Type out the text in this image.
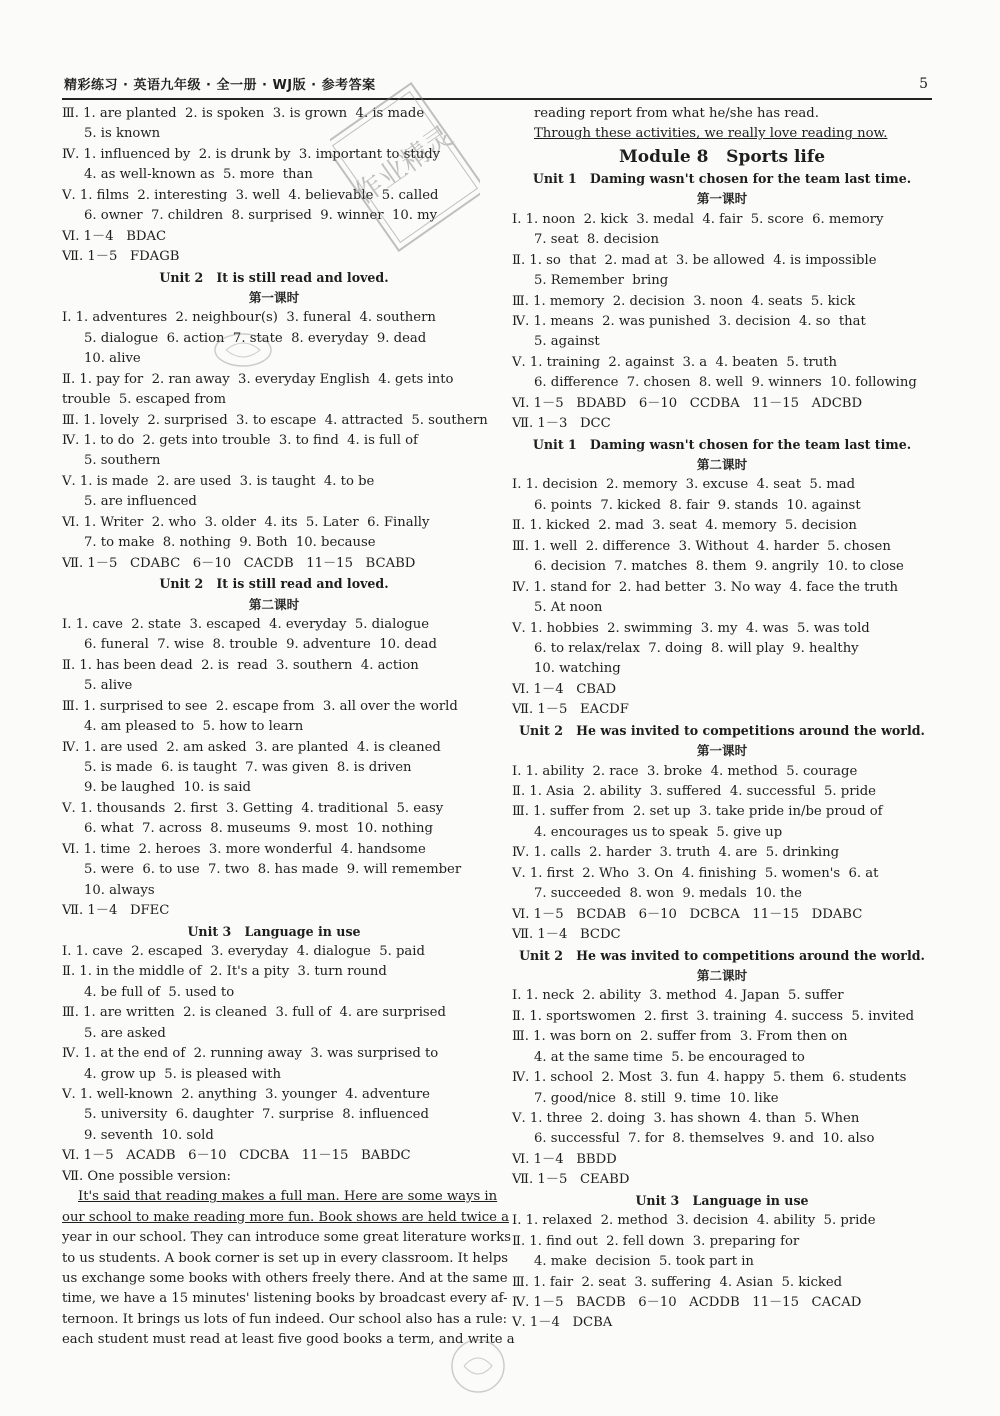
精彩练习 · 英语九年级 · 全一册 · WJ版 · 参考答案	5
Ⅲ. 1. are planted  2. is spoken  3. is grown  4. is made
5. is known
Ⅳ. 1. influenced by  2. is drunk by  3. important to study
4. as well-known as  5. more  than
Ⅴ. 1. films  2. interesting  3. well  4. believable  5. called
6. owner  7. children  8. surprised  9. winner  10. my
Ⅵ. 1－4   BDAC
Ⅶ. 1－5   FDAGB
Unit 2   It is still read and loved.
第一课时
Ⅰ. 1. adventures  2. neighbour(s)  3. funeral  4. southern
5. dialogue  6. action  7. state  8. everyday  9. dead
10. alive
Ⅱ. 1. pay for  2. ran away  3. everyday English  4. gets into
trouble  5. escaped from
Ⅲ. 1. lovely  2. surprised  3. to escape  4. attracted  5. southern
Ⅳ. 1. to do  2. gets into trouble  3. to find  4. is full of
5. southern
Ⅴ. 1. is made  2. are used  3. is taught  4. to be
5. are influenced
Ⅵ. 1. Writer  2. who  3. older  4. its  5. Later  6. Finally
7. to make  8. nothing  9. Both  10. because
Ⅶ. 1－5   CDABC   6－10   CACDB   11－15   BCABD
Unit 2   It is still read and loved.
第二课时
Ⅰ. 1. cave  2. state  3. escaped  4. everyday  5. dialogue
6. funeral  7. wise  8. trouble  9. adventure  10. dead
Ⅱ. 1. has been dead  2. is  read  3. southern  4. action
5. alive
Ⅲ. 1. surprised to see  2. escape from  3. all over the world
4. am pleased to  5. how to learn
Ⅳ. 1. are used  2. am asked  3. are planted  4. is cleaned
5. is made  6. is taught  7. was given  8. is driven
9. be laughed  10. is said
Ⅴ. 1. thousands  2. first  3. Getting  4. traditional  5. easy
6. what  7. across  8. museums  9. most  10. nothing
Ⅵ. 1. time  2. heroes  3. more wonderful  4. handsome
5. were  6. to use  7. two  8. has made  9. will remember
10. always
Ⅶ. 1－4   DFEC
Unit 3   Language in use
Ⅰ. 1. cave  2. escaped  3. everyday  4. dialogue  5. paid
Ⅱ. 1. in the middle of  2. It's a pity  3. turn round
4. be full of  5. used to
Ⅲ. 1. are written  2. is cleaned  3. full of  4. are surprised
5. are asked
Ⅳ. 1. at the end of  2. running away  3. was surprised to
4. grow up  5. is pleased with
Ⅴ. 1. well-known  2. anything  3. younger  4. adventure
5. university  6. daughter  7. surprise  8. influenced
9. seventh  10. sold
Ⅵ. 1－5   ACADB   6－10   CDCBA   11－15   BABDC
Ⅶ. One possible version:
It's said that reading makes a full man. Here are some ways in
our school to make reading more fun. Book shows are held twice a
year in our school. They can introduce some great literature works
to us students. A book corner is set up in every classroom. It helps
us exchange some books with others freely there. And at the same
time, we have a 15 minutes' listening books by broadcast every af-
ternoon. It brings us lots of fun indeed. Our school also has a rule:
each student must read at least five good books a term, and write a
reading report from what he/she has read.
Through these activities, we really love reading now.
Module 8   Sports life
Unit 1   Daming wasn't chosen for the team last time.
第一课时
Ⅰ. 1. noon  2. kick  3. medal  4. fair  5. score  6. memory
7. seat  8. decision
Ⅱ. 1. so  that  2. mad at  3. be allowed  4. is impossible
5. Remember  bring
Ⅲ. 1. memory  2. decision  3. noon  4. seats  5. kick
Ⅳ. 1. means  2. was punished  3. decision  4. so  that
5. against
Ⅴ. 1. training  2. against  3. a  4. beaten  5. truth
6. difference  7. chosen  8. well  9. winners  10. following
Ⅵ. 1－5   BDABD   6－10   CCDBA   11－15   ADCBD
Ⅶ. 1－3   DCC
Unit 1   Daming wasn't chosen for the team last time.
第二课时
Ⅰ. 1. decision  2. memory  3. excuse  4. seat  5. mad
6. points  7. kicked  8. fair  9. stands  10. against
Ⅱ. 1. kicked  2. mad  3. seat  4. memory  5. decision
Ⅲ. 1. well  2. difference  3. Without  4. harder  5. chosen
6. decision  7. matches  8. them  9. angrily  10. to close
Ⅳ. 1. stand for  2. had better  3. No way  4. face the truth
5. At noon
Ⅴ. 1. hobbies  2. swimming  3. my  4. was  5. was told
6. to relax/relax  7. doing  8. will play  9. healthy
10. watching
Ⅵ. 1－4   CBAD
Ⅶ. 1－5   EACDF
Unit 2   He was invited to competitions around the world.
第一课时
Ⅰ. 1. ability  2. race  3. broke  4. method  5. courage
Ⅱ. 1. Asia  2. ability  3. suffered  4. successful  5. pride
Ⅲ. 1. suffer from  2. set up  3. take pride in/be proud of
4. encourages us to speak  5. give up
Ⅳ. 1. calls  2. harder  3. truth  4. are  5. drinking
Ⅴ. 1. first  2. Who  3. On  4. finishing  5. women's  6. at
7. succeeded  8. won  9. medals  10. the
Ⅵ. 1－5   BCDAB   6－10   DCBCA   11－15   DDABC
Ⅶ. 1－4   BCDC
Unit 2   He was invited to competitions around the world.
第二课时
Ⅰ. 1. neck  2. ability  3. method  4. Japan  5. suffer
Ⅱ. 1. sportswomen  2. first  3. training  4. success  5. invited
Ⅲ. 1. was born on  2. suffer from  3. From then on
4. at the same time  5. be encouraged to
Ⅳ. 1. school  2. Most  3. fun  4. happy  5. them  6. students
7. good/nice  8. still  9. time  10. like
Ⅴ. 1. three  2. doing  3. has shown  4. than  5. When
6. successful  7. for  8. themselves  9. and  10. also
Ⅵ. 1－4   BBDD
Ⅶ. 1－5   CEABD
Unit 3   Language in use
Ⅰ. 1. relaxed  2. method  3. decision  4. ability  5. pride
Ⅱ. 1. find out  2. fell down  3. preparing for
4. make  decision  5. took part in
Ⅲ. 1. fair  2. seat  3. suffering  4. Asian  5. kicked
Ⅳ. 1－5   BACDB   6－10   ACDDB   11－15   CACAD
Ⅴ. 1－4   DCBA
作业精灵
